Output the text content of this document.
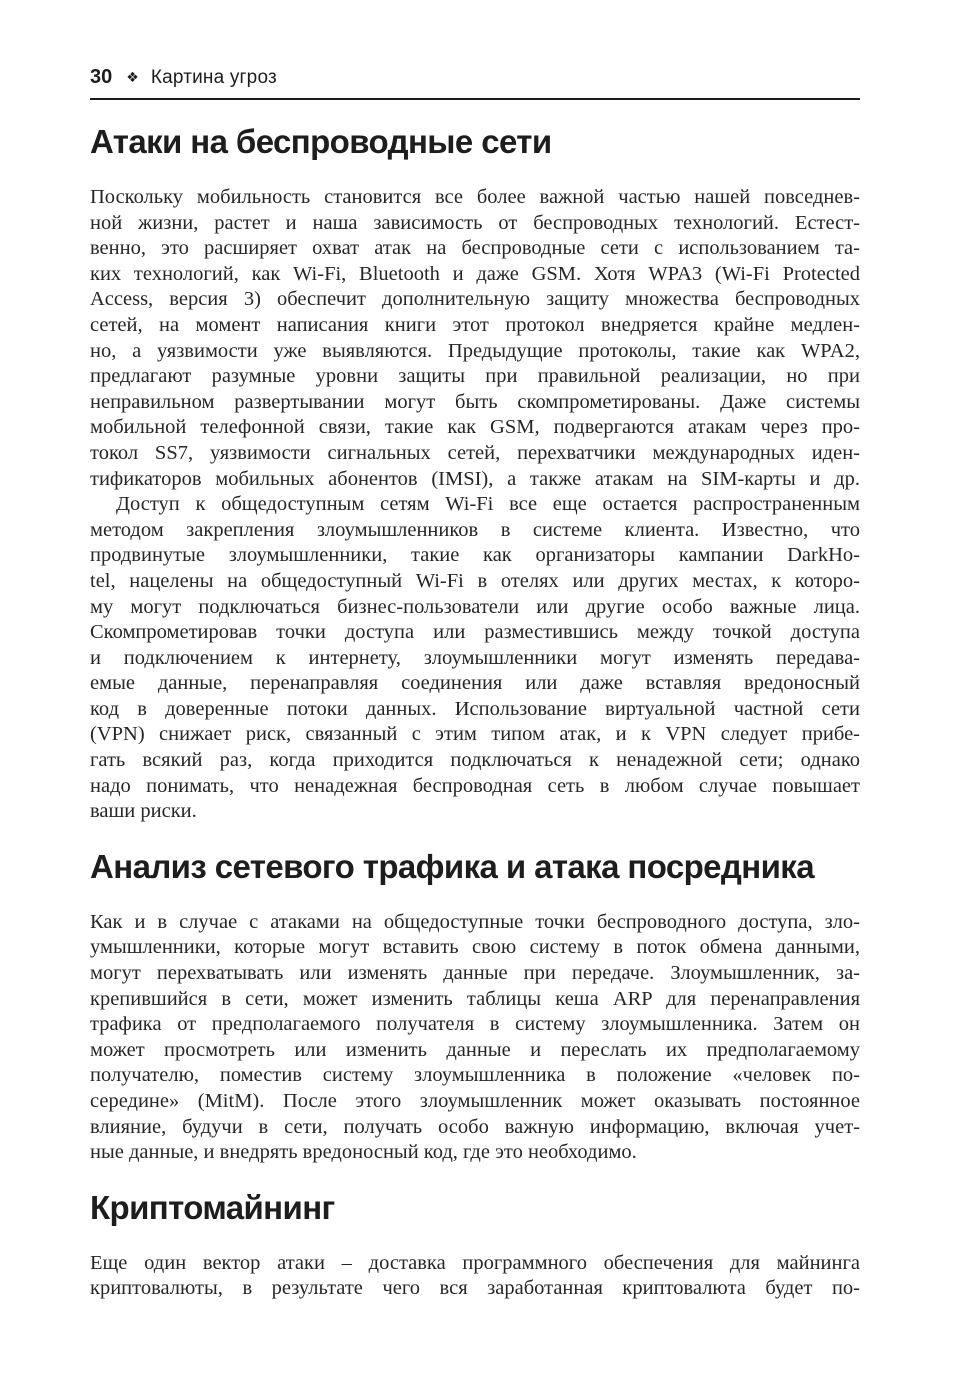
30 ❖ Картина угроз
Атаки на беспроводные сети
Поскольку мобильность становится все более важной частью нашей повседнев-
ной жизни, растет и наша зависимость от беспроводных технологий. Естест-
венно, это расширяет охват атак на беспроводные сети с использованием та-
ких технологий, как Wi-Fi, Bluetooth и даже GSM. Хотя WPA3 (Wi-Fi Protected
Access, версия 3) обеспечит дополнительную защиту множества беспроводных
сетей, на момент написания книги этот протокол внедряется крайне медлен-
но, а уязвимости уже выявляются. Предыдущие протоколы, такие как WPA2,
предлагают разумные уровни защиты при правильной реализации, но при
неправильном развертывании могут быть скомпрометированы. Даже системы
мобильной телефонной связи, такие как GSM, подвергаются атакам через про-
токол SS7, уязвимости сигнальных сетей, перехватчики международных иден-
тификаторов мобильных абонентов (IMSI), а также атакам на SIM-карты и др.
Доступ к общедоступным сетям Wi-Fi все еще остается распространенным
методом закрепления злоумышленников в системе клиента. Известно, что
продвинутые злоумышленники, такие как организаторы кампании DarkHo-
tel, нацелены на общедоступный Wi-Fi в отелях или других местах, к которо-
му могут подключаться бизнес-пользователи или другие особо важные лица.
Скомпрометировав точки доступа или разместившись между точкой доступа
и подключением к интернету, злоумышленники могут изменять передава-
емые данные, перенаправляя соединения или даже вставляя вредоносный
код в доверенные потоки данных. Использование виртуальной частной сети
(VPN) снижает риск, связанный с этим типом атак, и к VPN следует прибе-
гать всякий раз, когда приходится подключаться к ненадежной сети; однако
надо понимать, что ненадежная беспроводная сеть в любом случае повышает
ваши риски.
Анализ сетевого трафика и атака посредника
Как и в случае с атаками на общедоступные точки беспроводного доступа, зло-
умышленники, которые могут вставить свою систему в поток обмена данными,
могут перехватывать или изменять данные при передаче. Злоумышленник, за-
крепившийся в сети, может изменить таблицы кеша ARP для перенаправления
трафика от предполагаемого получателя в систему злоумышленника. Затем он
может просмотреть или изменить данные и переслать их предполагаемому
получателю, поместив систему злоумышленника в положение «человек по-
середине» (MitM). После этого злоумышленник может оказывать постоянное
влияние, будучи в сети, получать особо важную информацию, включая учет-
ные данные, и внедрять вредоносный код, где это необходимо.
Криптомайнинг
Еще один вектор атаки – доставка программного обеспечения для майнинга
криптовалюты, в результате чего вся заработанная криптовалюта будет по-
